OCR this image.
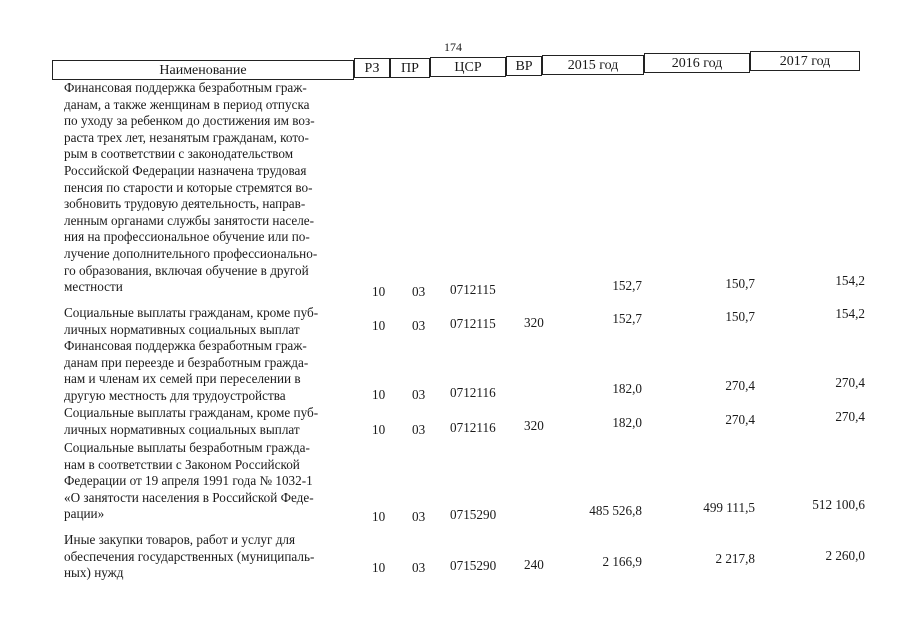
174
Наименование	РЗ	ПР	ЦСР	ВР	2015 год	2016 год	2017 год
Финансовая поддержка безработным граж-
данам, а также женщинам в период отпуска
по уходу за ребенком до достижения им воз-
раста трех лет, незанятым гражданам, кото-
рым в соответствии с законодательством
Российской Федерации назначена трудовая
пенсия по старости и которые стремятся во-
зобновить трудовую деятельность, направ-
ленным органами службы занятости населе-
ния на профессиональное обучение или по-
лучение дополнительного профессионально-
го образования, включая обучение в другой
местности	10 03 0712115	152,7	150,7	154,2
Социальные выплаты гражданам, кроме пуб-
личных нормативных социальных выплат	10 03 0712115 320	152,7	150,7	154,2
Финансовая поддержка безработным граж-
данам при переезде и безработным гражда-
нам и членам их семей при переселении в
другую местность для трудоустройства	10 03 0712116	182,0	270,4	270,4
Социальные выплаты гражданам, кроме пуб-
личных нормативных социальных выплат	10 03 0712116 320	182,0	270,4	270,4
Социальные выплаты безработным гражда-
нам в соответствии с Законом Российской
Федерации от 19 апреля 1991 года № 1032-1
«О занятости населения в Российской Феде-
рации»	10 03 0715290	485 526,8	499 111,5	512 100,6
Иные закупки товаров, работ и услуг для
обеспечения государственных (муниципаль-
ных) нужд	10 03 0715290 240	2 166,9	2 217,8	2 260,0
